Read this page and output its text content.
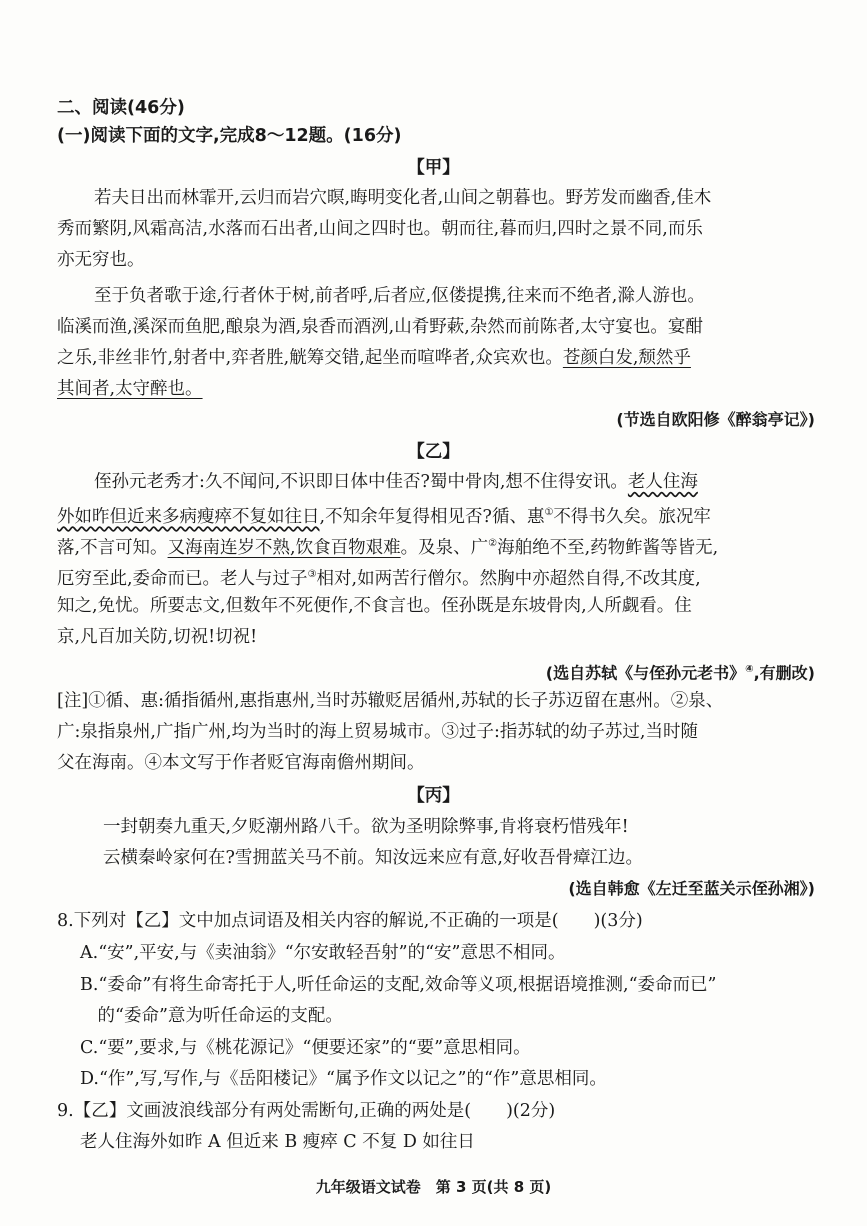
二、阅读(46分)
(一)阅读下面的文字,完成8～12题。(16分)
【甲】
若夫日出而林霏开,云归而岩穴暝,晦明变化者,山间之朝暮也。野芳发而幽香,佳木
秀而繁阴,风霜高洁,水落而石出者,山间之四时也。朝而往,暮而归,四时之景不同,而乐
亦无穷也。
至于负者歌于途,行者休于树,前者呼,后者应,伛偻提携,往来而不绝者,滁人游也。
临溪而渔,溪深而鱼肥,酿泉为酒,泉香而酒洌,山肴野蔌,杂然而前陈者,太守宴也。宴酣
之乐,非丝非竹,射者中,弈者胜,觥筹交错,起坐而喧哗者,众宾欢也。苍颜白发,颓然乎
其间者,太守醉也。
(节选自欧阳修《醉翁亭记》)
【乙】
侄孙元老秀才:久不闻问,不识即日体中佳否?蜀中骨肉,想不住得安讯。老人住海
外如昨但近来多病瘦瘁不复如往日,不知余年复得相见否?循、惠①不得书久矣。旅况牢
落,不言可知。又海南连岁不熟,饮食百物艰难。及泉、广②海舶绝不至,药物鲊酱等皆无,
厄穷至此,委命而已。老人与过子③相对,如两苦行僧尔。然胸中亦超然自得,不改其度,
知之,免忧。所要志文,但数年不死便作,不食言也。侄孙既是东坡骨肉,人所觑看。住
京,凡百加关防,切祝!切祝!
(选自苏轼《与侄孙元老书》④,有删改)
[注]①循、惠:循指循州,惠指惠州,当时苏辙贬居循州,苏轼的长子苏迈留在惠州。②泉、
广:泉指泉州,广指广州,均为当时的海上贸易城市。③过子:指苏轼的幼子苏过,当时随
父在海南。④本文写于作者贬官海南儋州期间。
【丙】
一封朝奏九重天,夕贬潮州路八千。欲为圣明除弊事,肯将衰朽惜残年!
云横秦岭家何在?雪拥蓝关马不前。知汝远来应有意,好收吾骨瘴江边。
(选自韩愈《左迁至蓝关示侄孙湘》)
8.下列对【乙】文中加点词语及相关内容的解说,不正确的一项是(　　)(3分)
A.“安”,平安,与《卖油翁》“尔安敢轻吾射”的“安”意思不相同。
B.“委命”有将生命寄托于人,听任命运的支配,效命等义项,根据语境推测,“委命而已”
　的“委命”意为听任命运的支配。
C.“要”,要求,与《桃花源记》“便要还家”的“要”意思相同。
D.“作”,写,写作,与《岳阳楼记》“属予作文以记之”的“作”意思相同。
9.【乙】文画波浪线部分有两处需断句,正确的两处是(　　)(2分)
老人住海外如昨 A 但近来 B 瘦瘁 C 不复 D 如往日
九年级语文试卷　第 3 页(共 8 页)
